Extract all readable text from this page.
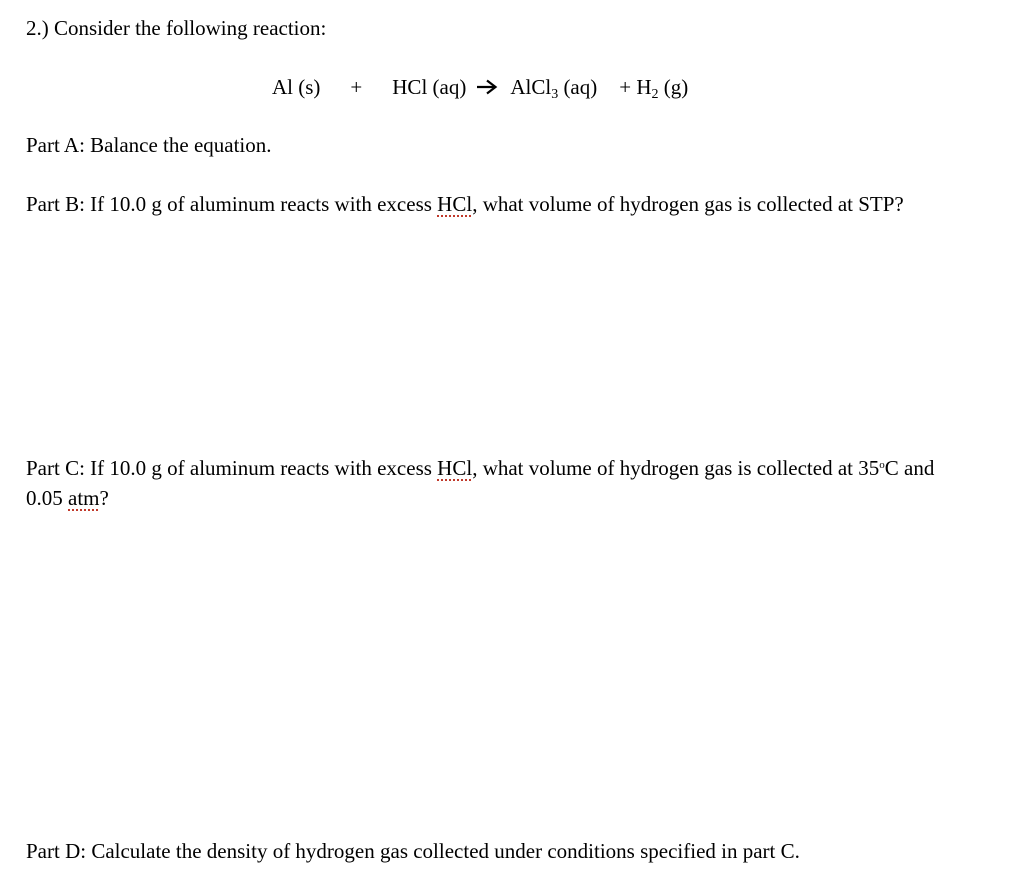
2.) Consider the following reaction:
Al (s) + HCl (aq) AlCl$_3$ $(aq) + H_2$ (g)
Part A: Balance the equation.
Part B: If 10.0 g of aluminum reacts with excess HCl, what volume of hydrogen gas is collected at STP?
Part C: If 10.0 g of aluminum reacts with excess HCl, what volume of hydrogen gas is collected at 35$^o$C and 0.05 atm?
Part D: Calculate the density of hydrogen gas collected under conditions specified in part C.
